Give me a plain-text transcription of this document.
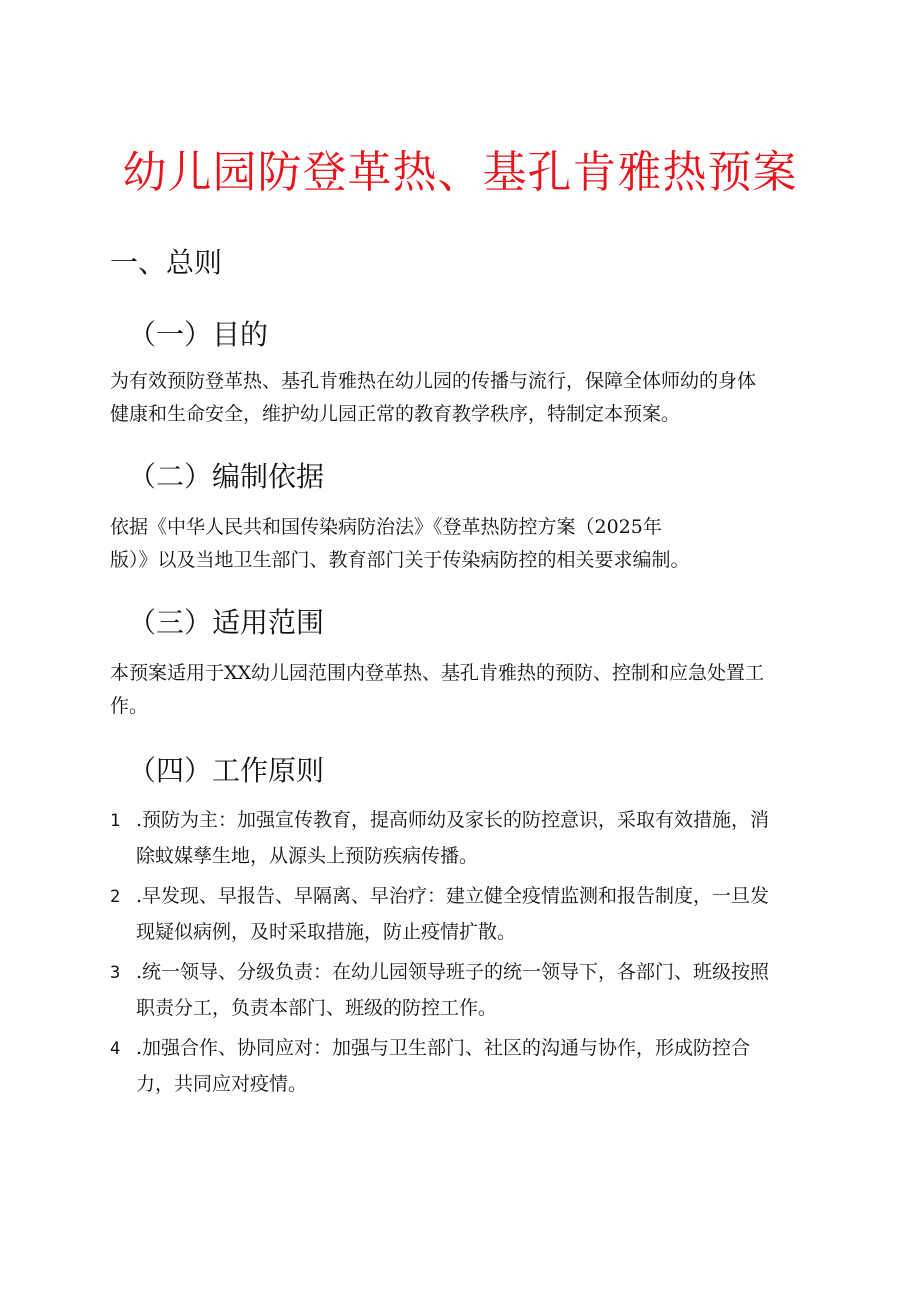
幼儿园防登革热、基孔肯雅热预案
一、总则
（一）目的
为有效预防登革热、基孔肯雅热在幼儿园的传播与流行，保障全体师幼的身体
健康和生命安全，维护幼儿园正常的教育教学秩序，特制定本预案。
（二）编制依据
依据《中华人民共和国传染病防治法》《登革热防控方案（2025年
版）》以及当地卫生部门、教育部门关于传染病防控的相关要求编制。
（三）适用范围
本预案适用于XX幼儿园范围内登革热、基孔肯雅热的预防、控制和应急处置工
作。
（四）工作原则
1 .预防为主：加强宣传教育，提高师幼及家长的防控意识，采取有效措施，消
除蚊媒孳生地，从源头上预防疾病传播。
2 .早发现、早报告、早隔离、早治疗：建立健全疫情监测和报告制度，一旦发
现疑似病例，及时采取措施，防止疫情扩散。
3 .统一领导、分级负责：在幼儿园领导班子的统一领导下，各部门、班级按照
职责分工，负责本部门、班级的防控工作。
4 .加强合作、协同应对：加强与卫生部门、社区的沟通与协作，形成防控合
力，共同应对疫情。
